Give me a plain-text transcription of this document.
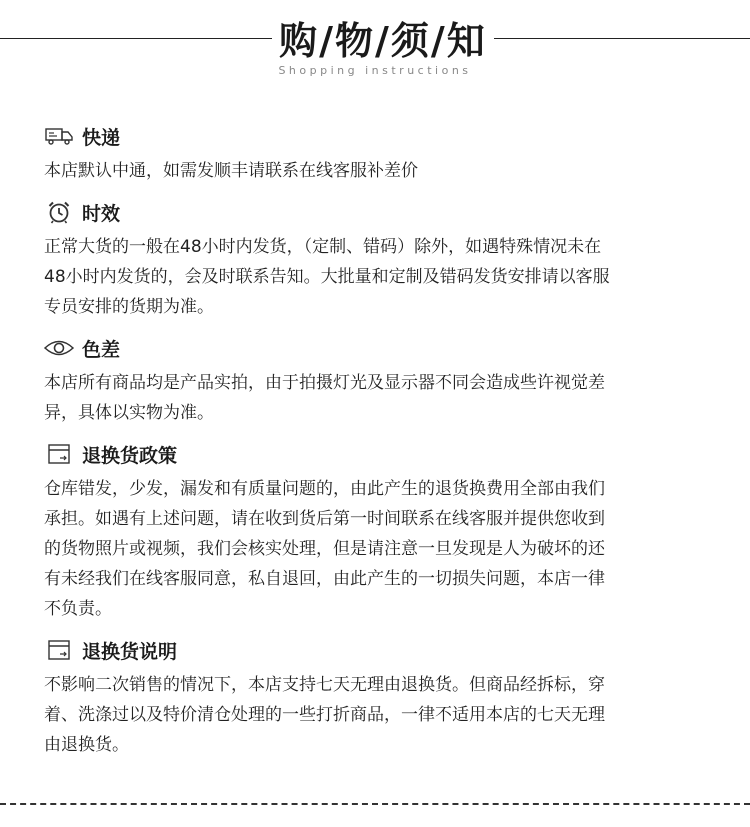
购/物/须/知
Shopping instructions
快递
本店默认中通，如需发顺丰请联系在线客服补差价
时效
正常大货的一般在48小时内发货，（定制、错码）除外，如遇特殊情况未在
48小时内发货的，会及时联系告知。大批量和定制及错码发货安排请以客服
专员安排的货期为准。
色差
本店所有商品均是产品实拍，由于拍摄灯光及显示器不同会造成些许视觉差
异，具体以实物为准。
退换货政策
仓库错发，少发，漏发和有质量问题的，由此产生的退货换费用全部由我们
承担。如遇有上述问题，请在收到货后第一时间联系在线客服并提供您收到
的货物照片或视频，我们会核实处理，但是请注意一旦发现是人为破坏的还
有未经我们在线客服同意，私自退回，由此产生的一切损失问题，本店一律
不负责。
退换货说明
不影响二次销售的情况下，本店支持七天无理由退换货。但商品经拆标，穿
着、洗涤过以及特价清仓处理的一些打折商品，一律不适用本店的七天无理
由退换货。
